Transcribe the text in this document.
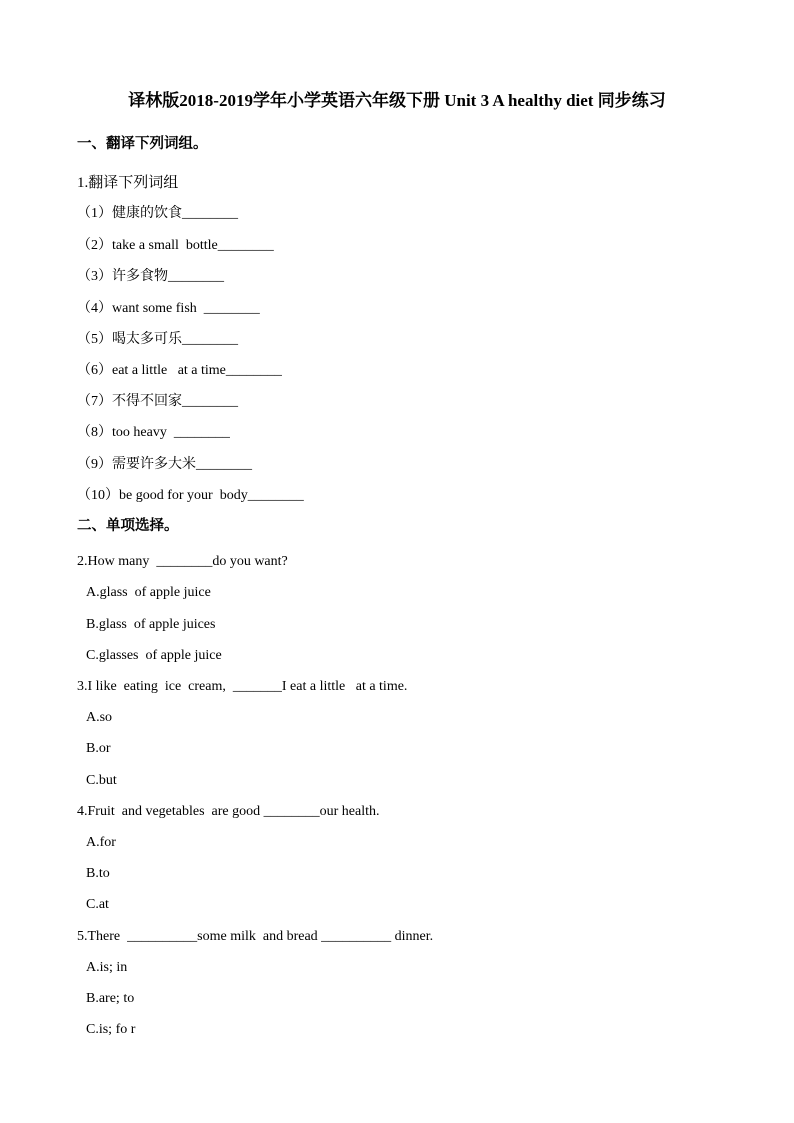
译林版2018-2019学年小学英语六年级下册 Unit 3 A healthy diet 同步练习
一、翻译下列词组。
1.翻译下列词组
（1）健康的饮食________
（2）take a small  bottle________
（3）许多食物________
（4）want some fish  ________
（5）喝太多可乐________
（6）eat a little   at a time________
（7）不得不回家________
（8）too heavy  ________
（9）需要许多大米________
（10）be good for your  body________
二、单项选择。
2.How many  ________do you want?
A.glass  of apple juice
B.glass  of apple juices
C.glasses  of apple juice
3.I like  eating  ice  cream,  _______I eat a little   at a time.
A.so
B.or
C.but
4.Fruit  and vegetables  are good ________our health.
A.for
B.to
C.at
5.There  __________some milk  and bread __________ dinner.
A.is; in
B.are; to
C.is; fo r
